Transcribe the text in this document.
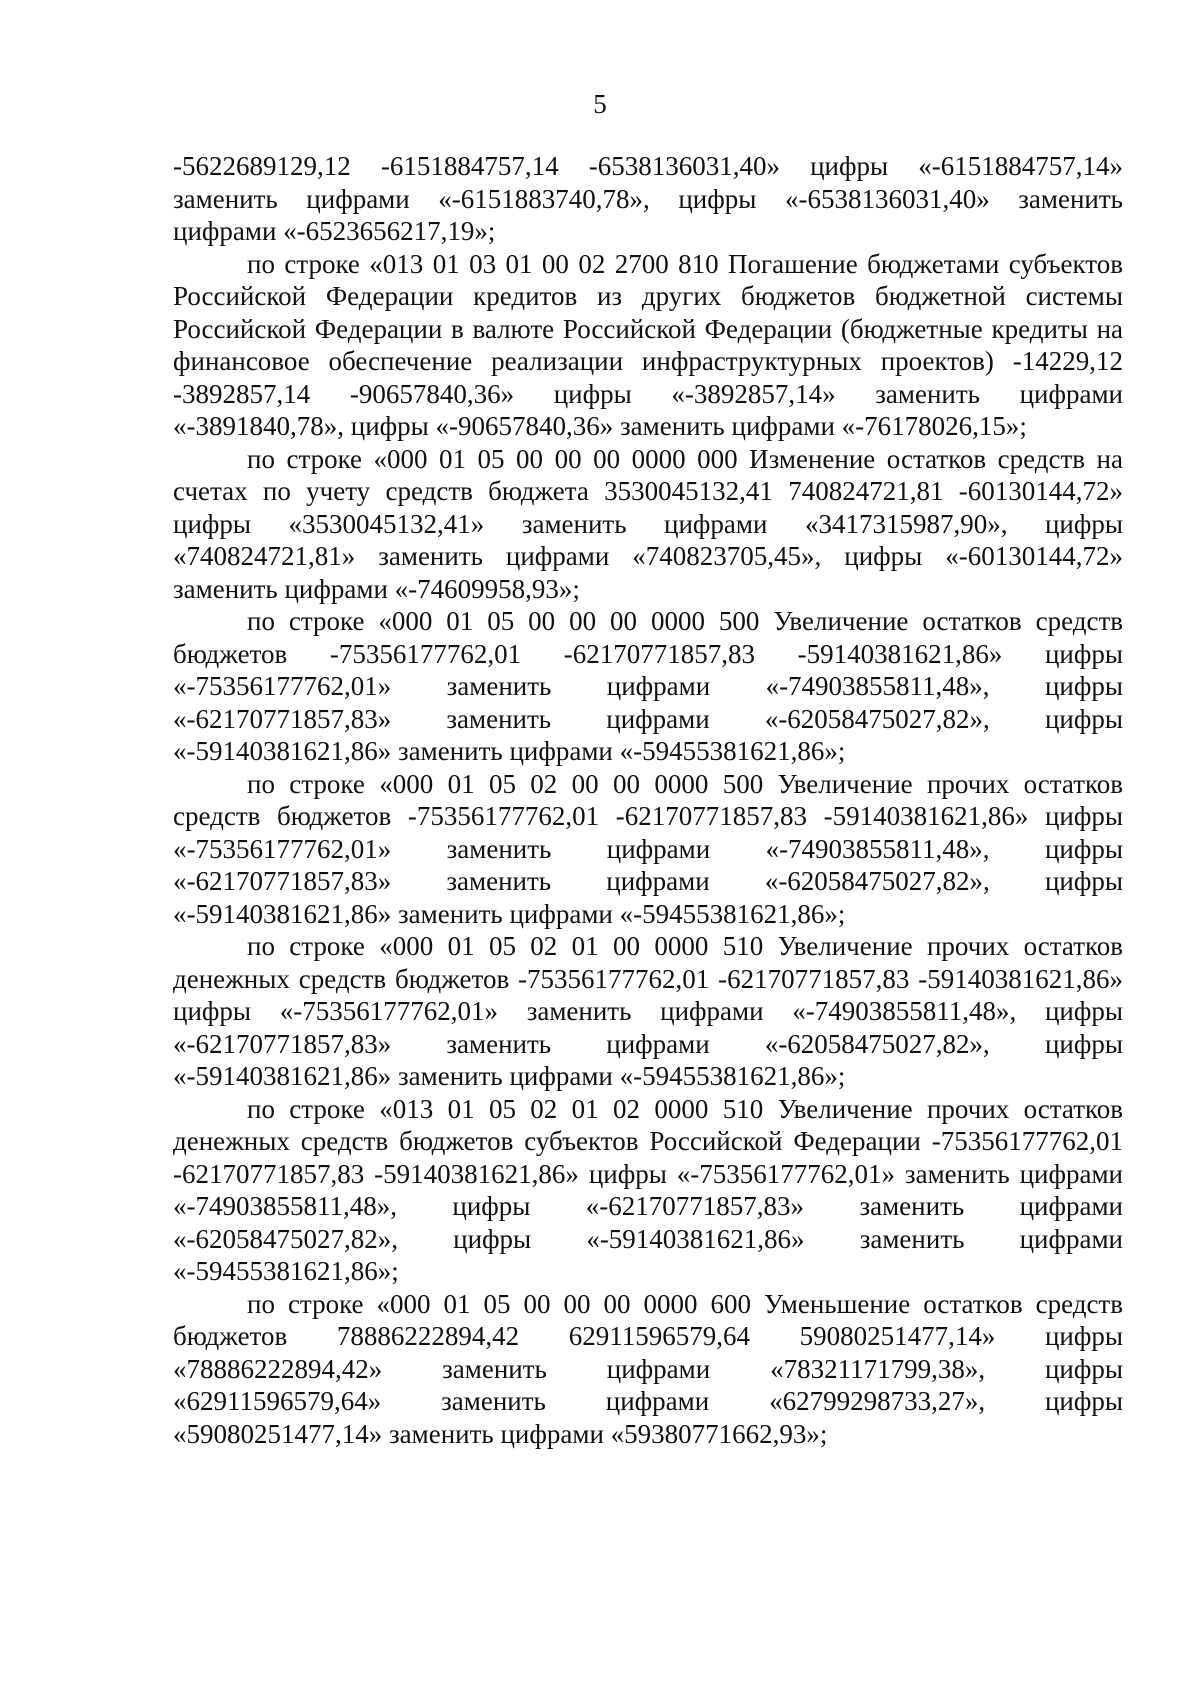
5

-5622689129,12 -6151884757,14 -6538136031,40» цифры «-6151884757,14» заменить цифрами «-6151883740,78», цифры «-6538136031,40» заменить цифрами «-6523656217,19»;

по строке «013 01 03 01 00 02 2700 810 Погашение бюджетами субъектов Российской Федерации кредитов из других бюджетов бюджетной системы Российской Федерации в валюте Российской Федерации (бюджетные кредиты на финансовое обеспечение реализации инфраструктурных проектов) -14229,12 -3892857,14 -90657840,36» цифры «-3892857,14» заменить цифрами «-3891840,78», цифры «-90657840,36» заменить цифрами «-76178026,15»;

по строке «000 01 05 00 00 00 0000 000 Изменение остатков средств на счетах по учету средств бюджета 3530045132,41 740824721,81 -60130144,72» цифры «3530045132,41» заменить цифрами «3417315987,90», цифры «740824721,81» заменить цифрами «740823705,45», цифры «-60130144,72» заменить цифрами «-74609958,93»;

по строке «000 01 05 00 00 00 0000 500 Увеличение остатков средств бюджетов -75356177762,01 -62170771857,83 -59140381621,86» цифры «-75356177762,01» заменить цифрами «-74903855811,48», цифры «-62170771857,83» заменить цифрами «-62058475027,82», цифры «-59140381621,86» заменить цифрами «-59455381621,86»;

по строке «000 01 05 02 00 00 0000 500 Увеличение прочих остатков средств бюджетов -75356177762,01 -62170771857,83 -59140381621,86» цифры «-75356177762,01» заменить цифрами «-74903855811,48», цифры «-62170771857,83» заменить цифрами «-62058475027,82», цифры «-59140381621,86» заменить цифрами «-59455381621,86»;

по строке «000 01 05 02 01 00 0000 510 Увеличение прочих остатков денежных средств бюджетов -75356177762,01 -62170771857,83 -59140381621,86» цифры «-75356177762,01» заменить цифрами «-74903855811,48», цифры «-62170771857,83» заменить цифрами «-62058475027,82», цифры «-59140381621,86» заменить цифрами «-59455381621,86»;

по строке «013 01 05 02 01 02 0000 510 Увеличение прочих остатков денежных средств бюджетов субъектов Российской Федерации -75356177762,01 -62170771857,83 -59140381621,86» цифры «-75356177762,01» заменить цифрами «-74903855811,48», цифры «-62170771857,83» заменить цифрами «-62058475027,82», цифры «-59140381621,86» заменить цифрами «-59455381621,86»;

по строке «000 01 05 00 00 00 0000 600 Уменьшение остатков средств бюджетов 78886222894,42 62911596579,64 59080251477,14» цифры «78886222894,42» заменить цифрами «78321171799,38», цифры «62911596579,64» заменить цифрами «62799298733,27», цифры «59080251477,14» заменить цифрами «59380771662,93»;
